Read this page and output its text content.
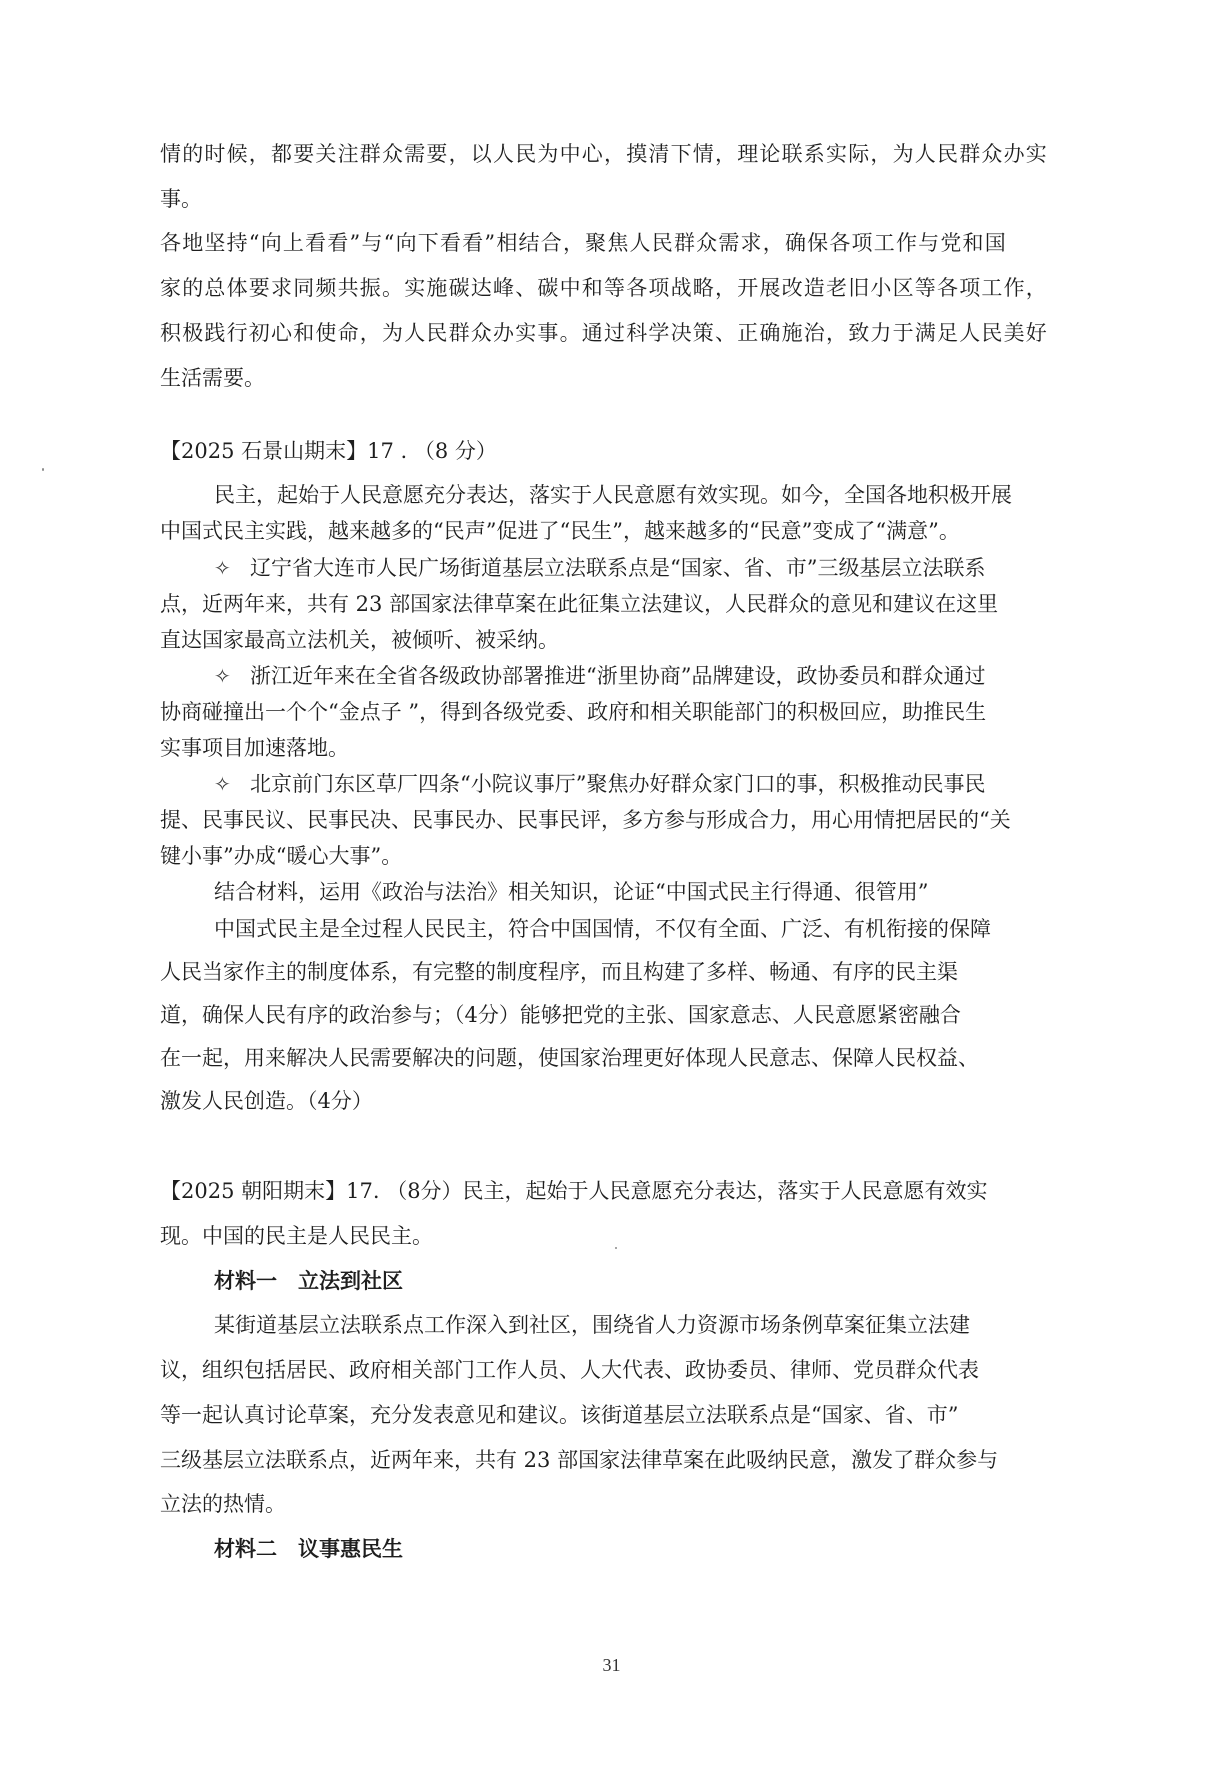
情的时候，都要关注群众需要，以人民为中心，摸清下情，理论联系实际，为人民群众办实
事。
各地坚持“向上看看”与“向下看看”相结合，聚焦人民群众需求，确保各项工作与党和国
家的总体要求同频共振。实施碳达峰、碳中和等各项战略，开展改造老旧小区等各项工作，
积极践行初心和使命，为人民群众办实事。通过科学决策、正确施治，致力于满足人民美好
生活需要。
【2025 石景山期末】17 . （8 分）
民主，起始于人民意愿充分表达，落实于人民意愿有效实现。如今，全国各地积极开展
中国式民主实践，越来越多的“民声”促进了“民生”，越来越多的“民意”变成了“满意”。
✧ 辽宁省大连市人民广场街道基层立法联系点是“国家、省、市”三级基层立法联系
点，近两年来，共有 23 部国家法律草案在此征集立法建议，人民群众的意见和建议在这里
直达国家最高立法机关，被倾听、被采纳。
✧ 浙江近年来在全省各级政协部署推进“浙里协商”品牌建设，政协委员和群众通过
协商碰撞出一个个“金点子 ”，得到各级党委、政府和相关职能部门的积极回应，助推民生
实事项目加速落地。
✧ 北京前门东区草厂四条“小院议事厅”聚焦办好群众家门口的事，积极推动民事民
提、民事民议、民事民决、民事民办、民事民评，多方参与形成合力，用心用情把居民的“关
键小事”办成“暖心大事”。
结合材料，运用《政治与法治》相关知识，论证“中国式民主行得通、很管用”
中国式民主是全过程人民民主，符合中国国情，不仅有全面、广泛、有机衔接的保障
人民当家作主的制度体系，有完整的制度程序，而且构建了多样、畅通、有序的民主渠
道，确保人民有序的政治参与；（4分）能够把党的主张、国家意志、人民意愿紧密融合
在一起，用来解决人民需要解决的问题，使国家治理更好体现人民意志、保障人民权益、
激发人民创造。（4分）
【2025 朝阳期末】17. （8分）民主，起始于人民意愿充分表达，落实于人民意愿有效实
现。中国的民主是人民民主。
材料一　立法到社区
某街道基层立法联系点工作深入到社区，围绕省人力资源市场条例草案征集立法建
议，组织包括居民、政府相关部门工作人员、人大代表、政协委员、律师、党员群众代表
等一起认真讨论草案，充分发表意见和建议。该街道基层立法联系点是“国家、省、市”
三级基层立法联系点，近两年来，共有 23 部国家法律草案在此吸纳民意，激发了群众参与
立法的热情。
材料二　议事惠民生
31
